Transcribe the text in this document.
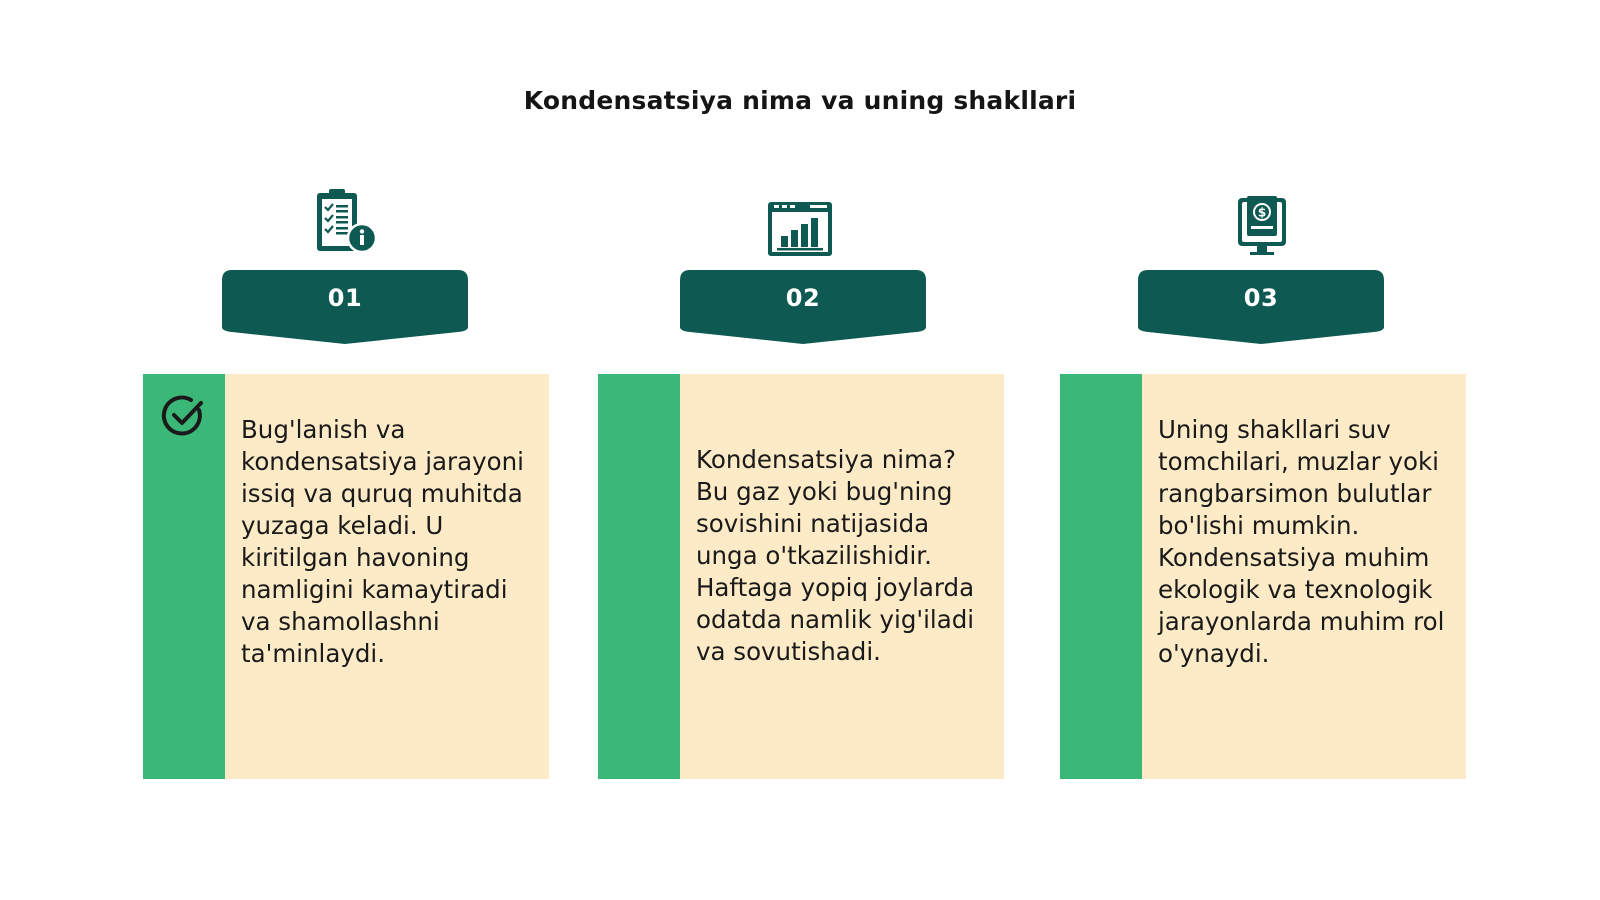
Kondensatsiya nima va uning shakllari
01
Bug'lanish va kondensatsiya jarayoni issiq va quruq muhitda yuzaga keladi. U kiritilgan havoning namligini kamaytiradi va shamollashni ta'minlaydi.
02
Kondensatsiya nima? Bu gaz yoki bug'ning sovishini natijasida unga o'tkazilishidir. Haftaga yopiq joylarda odatda namlik yig'iladi va sovutishadi.
$
03
Uning shakllari suv tomchilari, muzlar yoki rangbarsimon bulutlar bo'lishi mumkin. Kondensatsiya muhim ekologik va texnologik jarayonlarda muhim rol o'ynaydi.
